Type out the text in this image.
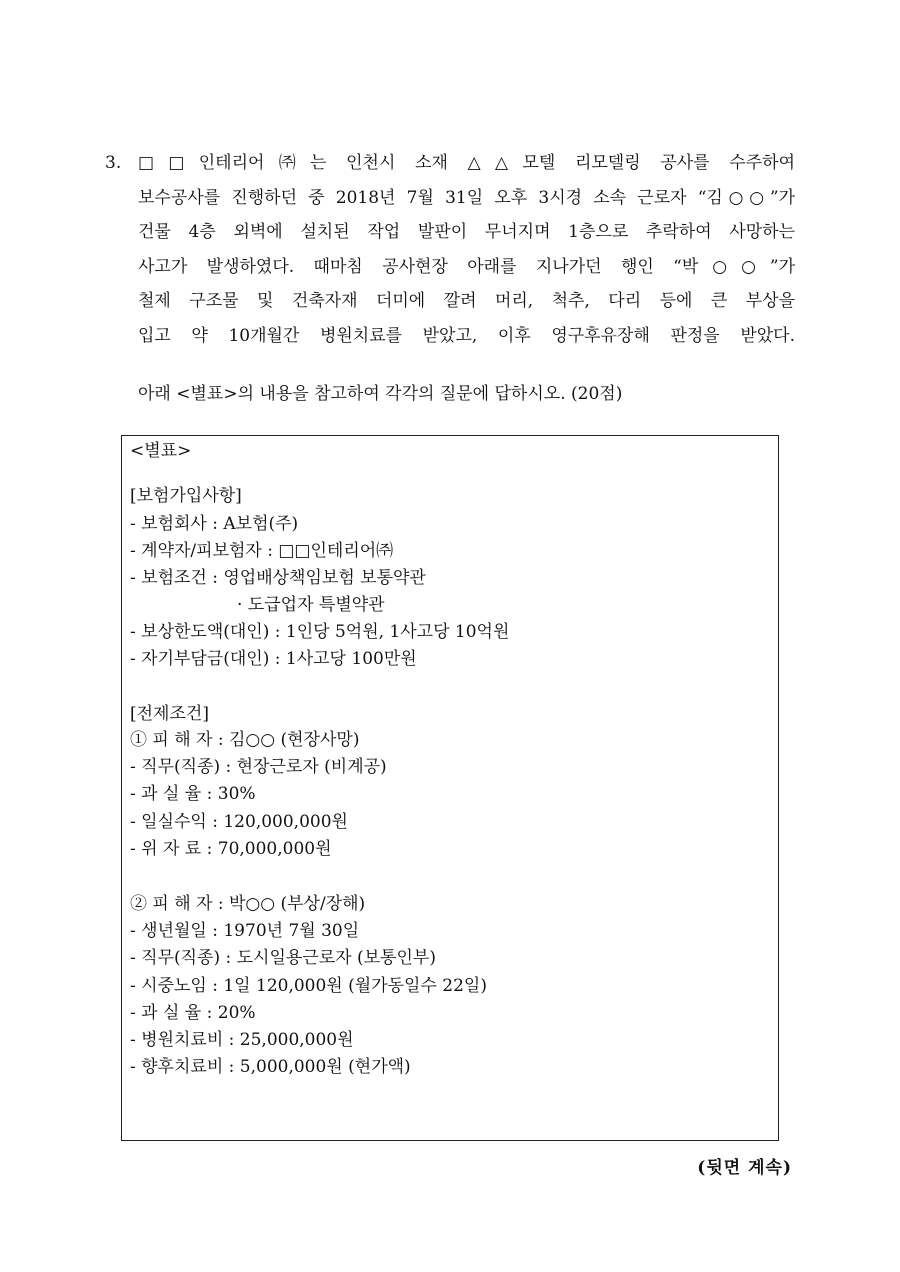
3. □□인테리어㈜는 인천시 소재 △△모텔 리모델링 공사를 수주하여
보수공사를 진행하던 중 2018년 7월 31일 오후 3시경 소속 근로자 “김○○”가
건물 4층 외벽에 설치된 작업 발판이 무너지며 1층으로 추락하여 사망하는
사고가 발생하였다. 때마침 공사현장 아래를 지나가던 행인 “박○○”가
철제 구조물 및 건축자재 더미에 깔려 머리, 척추, 다리 등에 큰 부상을
입고 약 10개월간 병원치료를 받았고, 이후 영구후유장해 판정을 받았다.
아래 <별표>의 내용을 참고하여 각각의 질문에 답하시오. (20점)
<별표>
[보험가입사항]
- 보험회사 : A보험(주)
- 계약자/피보험자 : □□인테리어㈜
- 보험조건 : 영업배상책임보험 보통약관
· 도급업자 특별약관
- 보상한도액(대인) : 1인당 5억원, 1사고당 10억원
- 자기부담금(대인) : 1사고당 100만원
[전제조건]
① 피 해 자 : 김○○ (현장사망)
- 직무(직종) : 현장근로자 (비계공)
- 과 실 율 : 30%
- 일실수익 : 120,000,000원
- 위 자 료 : 70,000,000원
② 피 해 자 : 박○○ (부상/장해)
- 생년월일 : 1970년 7월 30일
- 직무(직종) : 도시일용근로자 (보통인부)
- 시중노임 : 1일 120,000원 (월가동일수 22일)
- 과 실 율 : 20%
- 병원치료비 : 25,000,000원
- 향후치료비 : 5,000,000원 (현가액)
(뒷면 계속)
